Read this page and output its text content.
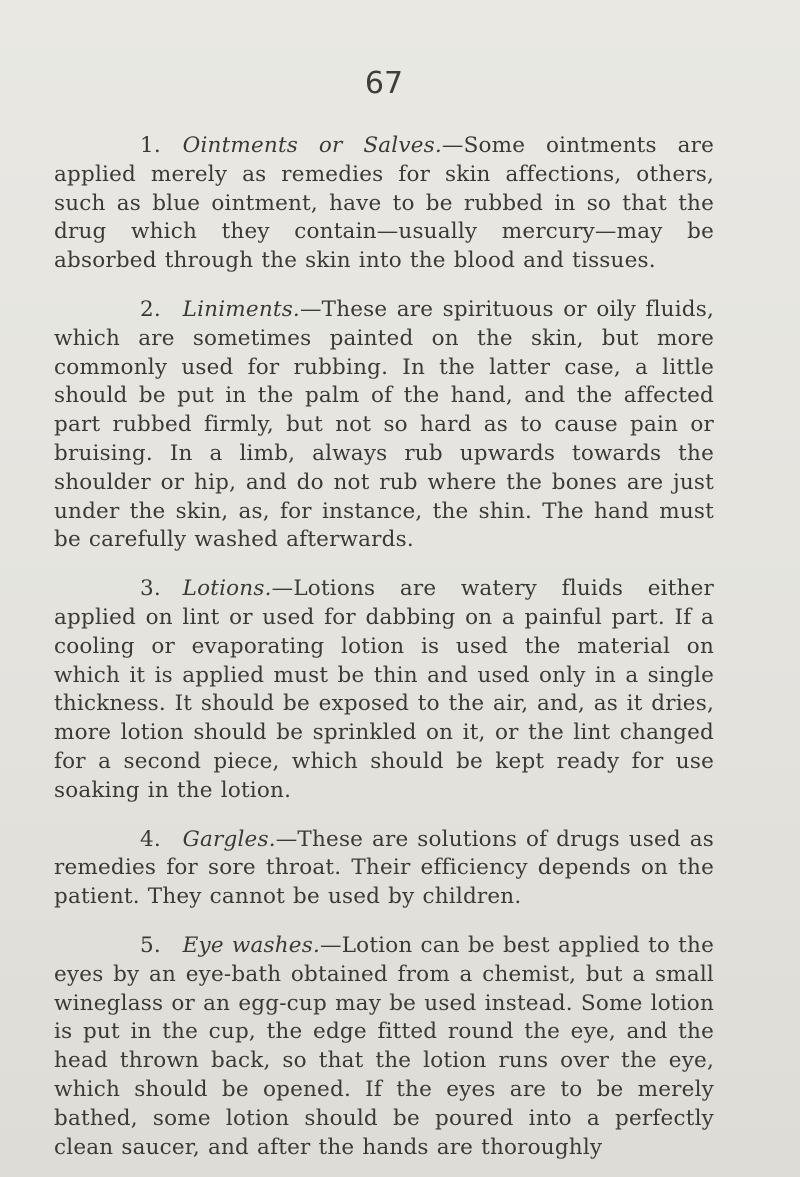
67

1.  Ointments or Salves.—Some ointments are applied merely as remedies for skin affections, others, such as blue ointment, have to be rubbed in so that the drug which they contain—usually mercury—may be absorbed through the skin into the blood and tissues.

2.  Liniments.—These are spirituous or oily fluids, which are sometimes painted on the skin, but more commonly used for rubbing. In the latter case, a little should be put in the palm of the hand, and the affected part rubbed firmly, but not so hard as to cause pain or bruising. In a limb, always rub upwards towards the shoulder or hip, and do not rub where the bones are just under the skin, as, for instance, the shin. The hand must be carefully washed afterwards.

3.  Lotions.—Lotions are watery fluids either applied on lint or used for dabbing on a painful part. If a cooling or evaporating lotion is used the material on which it is applied must be thin and used only in a single thickness. It should be exposed to the air, and, as it dries, more lotion should be sprinkled on it, or the lint changed for a second piece, which should be kept ready for use soaking in the lotion.

4.  Gargles.—These are solutions of drugs used as remedies for sore throat. Their efficiency depends on the patient. They cannot be used by children.

5.  Eye washes.—Lotion can be best applied to the eyes by an eye-bath obtained from a chemist, but a small wineglass or an egg-cup may be used instead. Some lotion is put in the cup, the edge fitted round the eye, and the head thrown back, so that the lotion runs over the eye, which should be opened. If the eyes are to be merely bathed, some lotion should be poured into a perfectly clean saucer, and after the hands are thoroughly
